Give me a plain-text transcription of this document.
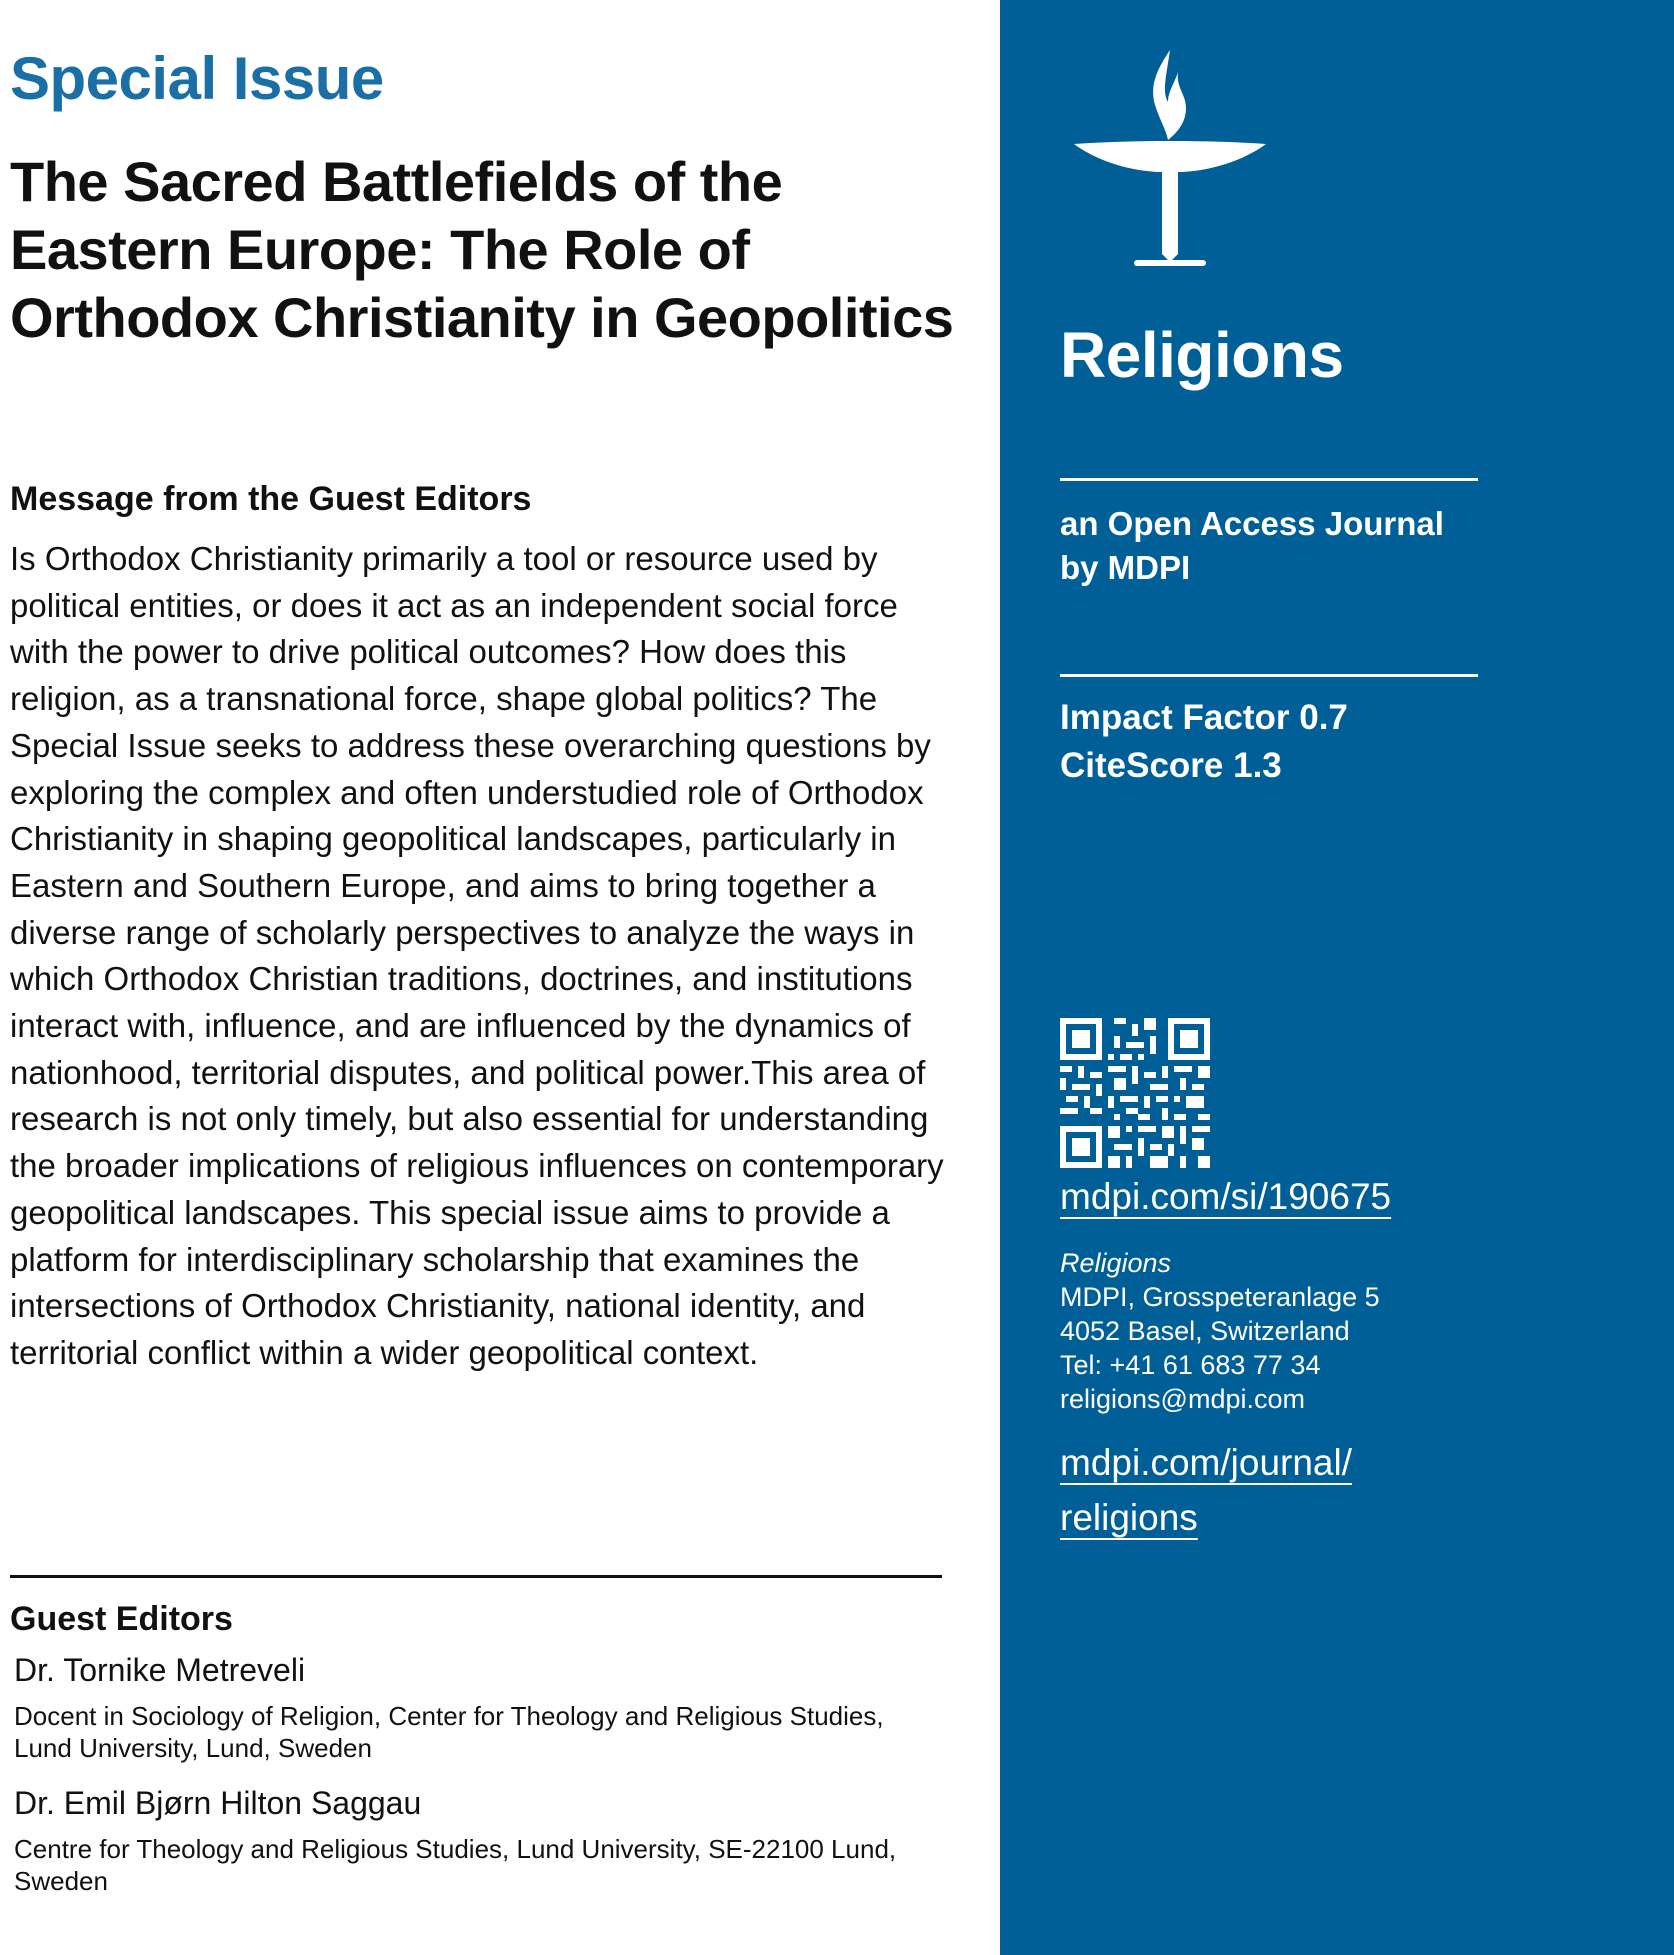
Special Issue
The Sacred Battlefields of the Eastern Europe: The Role of Orthodox Christianity in Geopolitics
Message from the Guest Editors
Is Orthodox Christianity primarily a tool or resource used by political entities, or does it act as an independent social force with the power to drive political outcomes? How does this religion, as a transnational force, shape global politics? The Special Issue seeks to address these overarching questions by exploring the complex and often understudied role of Orthodox Christianity in shaping geopolitical landscapes, particularly in Eastern and Southern Europe, and aims to bring together a diverse range of scholarly perspectives to analyze the ways in which Orthodox Christian traditions, doctrines, and institutions interact with, influence, and are influenced by the dynamics of nationhood, territorial disputes, and political power.This area of research is not only timely, but also essential for understanding the broader implications of religious influences on contemporary geopolitical landscapes. This special issue aims to provide a platform for interdisciplinary scholarship that examines the intersections of Orthodox Christianity, national identity, and territorial conflict within a wider geopolitical context.
Guest Editors
Dr. Tornike Metreveli
Docent in Sociology of Religion, Center for Theology and Religious Studies, Lund University, Lund, Sweden
Dr. Emil Bjørn Hilton Saggau
Centre for Theology and Religious Studies, Lund University, SE-22100 Lund, Sweden
Religions
an Open Access Journal by MDPI
Impact Factor 0.7
CiteScore 1.3
mdpi.com/si/190675
Religions
MDPI, Grosspeteranlage 5
4052 Basel, Switzerland
Tel: +41 61 683 77 34
religions@mdpi.com
mdpi.com/journal/
religions
